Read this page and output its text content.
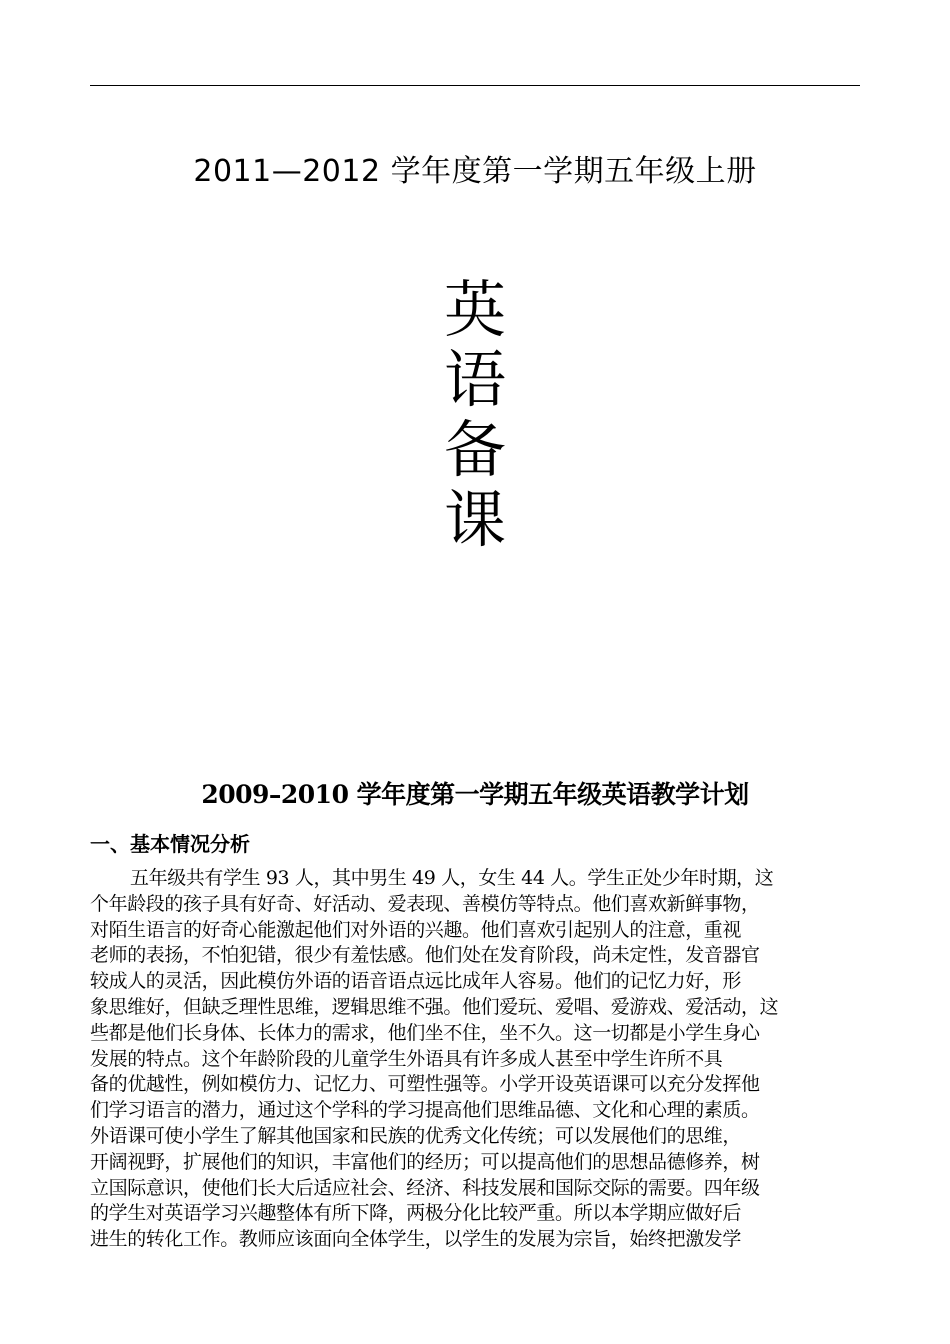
2011—2012 学年度第一学期五年级上册
英
语
备
课
2009–2010 学年度第一学期五年级英语教学计划
一、基本情况分析
五年级共有学生 93 人，其中男生 49 人，女生 44 人。学生正处少年时期，这
个年龄段的孩子具有好奇、好活动、爱表现、善模仿等特点。他们喜欢新鲜事物，
对陌生语言的好奇心能激起他们对外语的兴趣。他们喜欢引起别人的注意，重视
老师的表扬，不怕犯错，很少有羞怯感。他们处在发育阶段，尚未定性，发音器官
较成人的灵活，因此模仿外语的语音语点远比成年人容易。他们的记忆力好，形
象思维好，但缺乏理性思维，逻辑思维不强。他们爱玩、爱唱、爱游戏、爱活动，这
些都是他们长身体、长体力的需求，他们坐不住，坐不久。这一切都是小学生身心
发展的特点。这个年龄阶段的儿童学生外语具有许多成人甚至中学生许所不具
备的优越性，例如模仿力、记忆力、可塑性强等。小学开设英语课可以充分发挥他
们学习语言的潜力，通过这个学科的学习提高他们思维品德、文化和心理的素质。
外语课可使小学生了解其他国家和民族的优秀文化传统；可以发展他们的思维，
开阔视野，扩展他们的知识，丰富他们的经历；可以提高他们的思想品德修养，树
立国际意识，使他们长大后适应社会、经济、科技发展和国际交际的需要。四年级
的学生对英语学习兴趣整体有所下降，两极分化比较严重。所以本学期应做好后
进生的转化工作。教师应该面向全体学生，以学生的发展为宗旨，始终把激发学
